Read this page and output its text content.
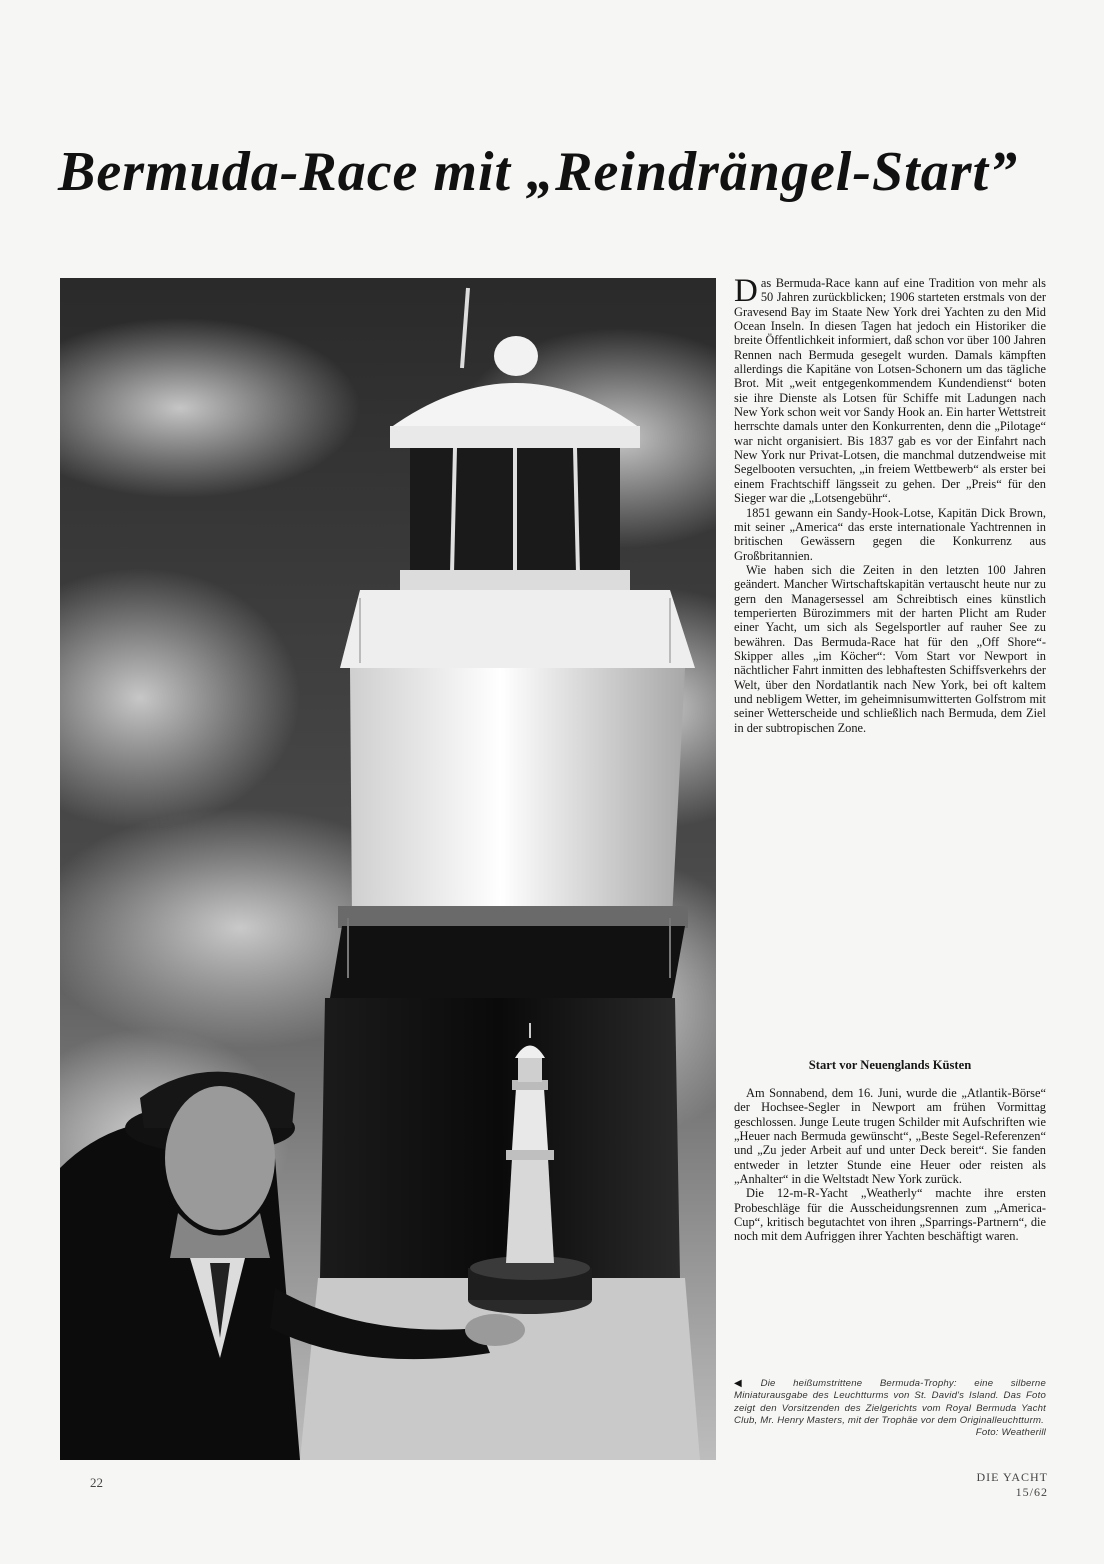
Bermuda-Race mit „Reindrängel-Start”

Das Bermuda-Race kann auf eine Tradition von mehr als 50 Jahren zurückblicken; 1906 starteten erstmals von der Gravesend Bay im Staate New York drei Yachten zu den Mid Ocean Inseln. In diesen Tagen hat jedoch ein Historiker die breite Öffentlichkeit informiert, daß schon vor über 100 Jahren Rennen nach Bermuda gesegelt wurden. Damals kämpften allerdings die Kapitäne von Lotsen-Schonern um das tägliche Brot. Mit „weit entgegenkommendem Kundendienst“ boten sie ihre Dienste als Lotsen für Schiffe mit Ladungen nach New York schon weit vor Sandy Hook an. Ein harter Wettstreit herrschte damals unter den Konkurrenten, denn die „Pilotage“ war nicht organisiert. Bis 1837 gab es vor der Einfahrt nach New York nur Privat-Lotsen, die manchmal dutzendweise mit Segelbooten versuchten, „in freiem Wettbewerb“ als erster bei einem Frachtschiff längsseit zu gehen. Der „Preis“ für den Sieger war die „Lotsengebühr“.

1851 gewann ein Sandy-Hook-Lotse, Kapitän Dick Brown, mit seiner „America“ das erste internationale Yachtrennen in britischen Gewässern gegen die Konkurrenz aus Großbritannien.

Wie haben sich die Zeiten in den letzten 100 Jahren geändert. Mancher Wirtschaftskapitän vertauscht heute nur zu gern den Managersessel am Schreibtisch eines künstlich temperierten Bürozimmers mit der harten Plicht am Ruder einer Yacht, um sich als Segelsportler auf rauher See zu bewähren. Das Bermuda-Race hat für den „Off Shore“-Skipper alles „im Köcher“: Vom Start vor Newport in nächtlicher Fahrt inmitten des lebhaftesten Schiffsverkehrs der Welt, über den Nordatlantik nach New York, bei oft kaltem und nebligem Wetter, im geheimnisumwitterten Golfstrom mit seiner Wetterscheide und schließlich nach Bermuda, dem Ziel in der subtropischen Zone.

Start vor Neuenglands Küsten

Am Sonnabend, dem 16. Juni, wurde die „Atlantik-Börse“ der Hochsee-Segler in Newport am frühen Vormittag geschlossen. Junge Leute trugen Schilder mit Aufschriften wie „Heuer nach Bermuda gewünscht“, „Beste Segel-Referenzen“ und „Zu jeder Arbeit auf und unter Deck bereit“. Sie fanden entweder in letzter Stunde eine Heuer oder reisten als „Anhalter“ in die Weltstadt New York zurück.

Die 12-m-R-Yacht „Weatherly“ machte ihre ersten Probeschläge für die Ausscheidungsrennen zum „America-Cup“, kritisch begutachtet von ihren „Sparrings-Partnern“, die noch mit dem Aufriggen ihrer Yachten beschäftigt waren.

◀ Die heißumstrittene Bermuda-Trophy: eine silberne Miniaturausgabe des Leuchtturms von St. David's Island. Das Foto zeigt den Vorsitzenden des Zielgerichts vom Royal Bermuda Yacht Club, Mr. Henry Masters, mit der Trophäe vor dem Originalleuchtturm.
Foto: Weatherill
22	DIE YACHT 15/62
